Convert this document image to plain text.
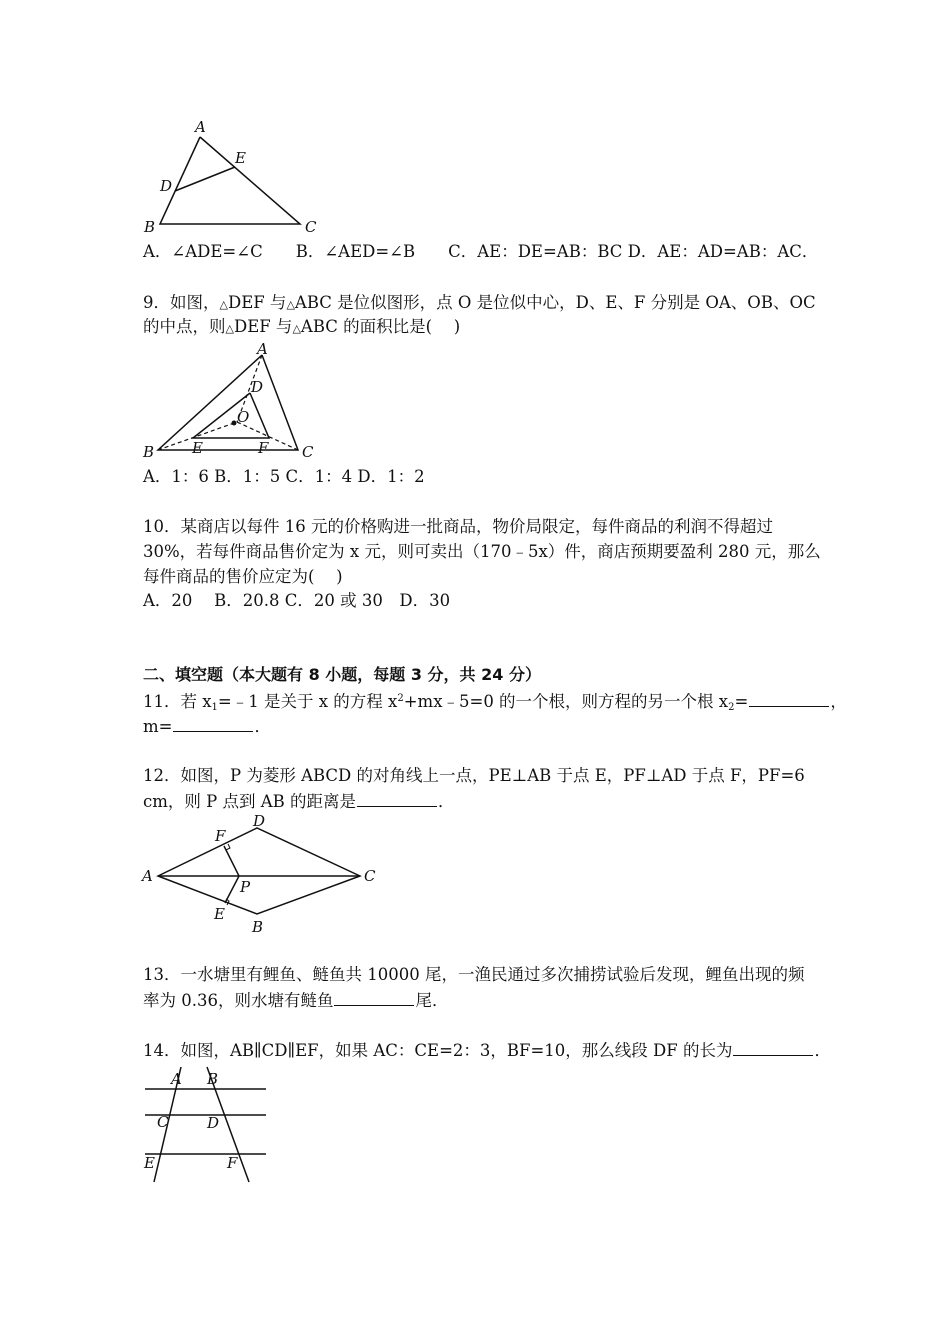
A
E
D
B	C
A．∠ADE=∠C　　B．∠AED=∠B　　C．AE：DE=AB：BC D．AE：AD=AB：AC．
9．如图，△DEF 与△ABC 是位似图形，点 O 是位似中心，D、E、F 分别是 OA、OB、OC
的中点，则△DEF 与△ABC 的面积比是(　 )
A
D
O
B	E	F C
A．1：6 B．1：5 C．1：4 D．1：2
10．某商店以每件 16 元的价格购进一批商品，物价局限定，每件商品的利润不得超过
30%，若每件商品售价定为 x 元，则可卖出（170﹣5x）件，商店预期要盈利 280 元，那么
每件商品的售价应定为(　 )
A．20　 B．20.8 C．20 或 30　D．30
二、填空题（本大题有 8 小题，每题 3 分，共 24 分）
11．若 $x_1=﹣1$ 是关于 x 的方程 $x^2+mx﹣5=0$ 的一个根，则方程的另一个根 $x_2=$	，
m=	．
12．如图，P 为菱形 ABCD 的对角线上一点，PE⊥AB 于点 E，PF⊥AD 于点 F，PF=6
cm，则 P 点到 AB 的距离是	．
D
F
A
P
C
E
B
13．一水塘里有鲤鱼、鲢鱼共 10000 尾，一渔民通过多次捕捞试验后发现，鲤鱼出现的频
率为 0.36，则水塘有鲢鱼	尾．
14．如图，AB∥CD∥EF，如果 AC：CE=2：3，BF=10，那么线段 DF 的长为	．
A B
C	D
E	F
